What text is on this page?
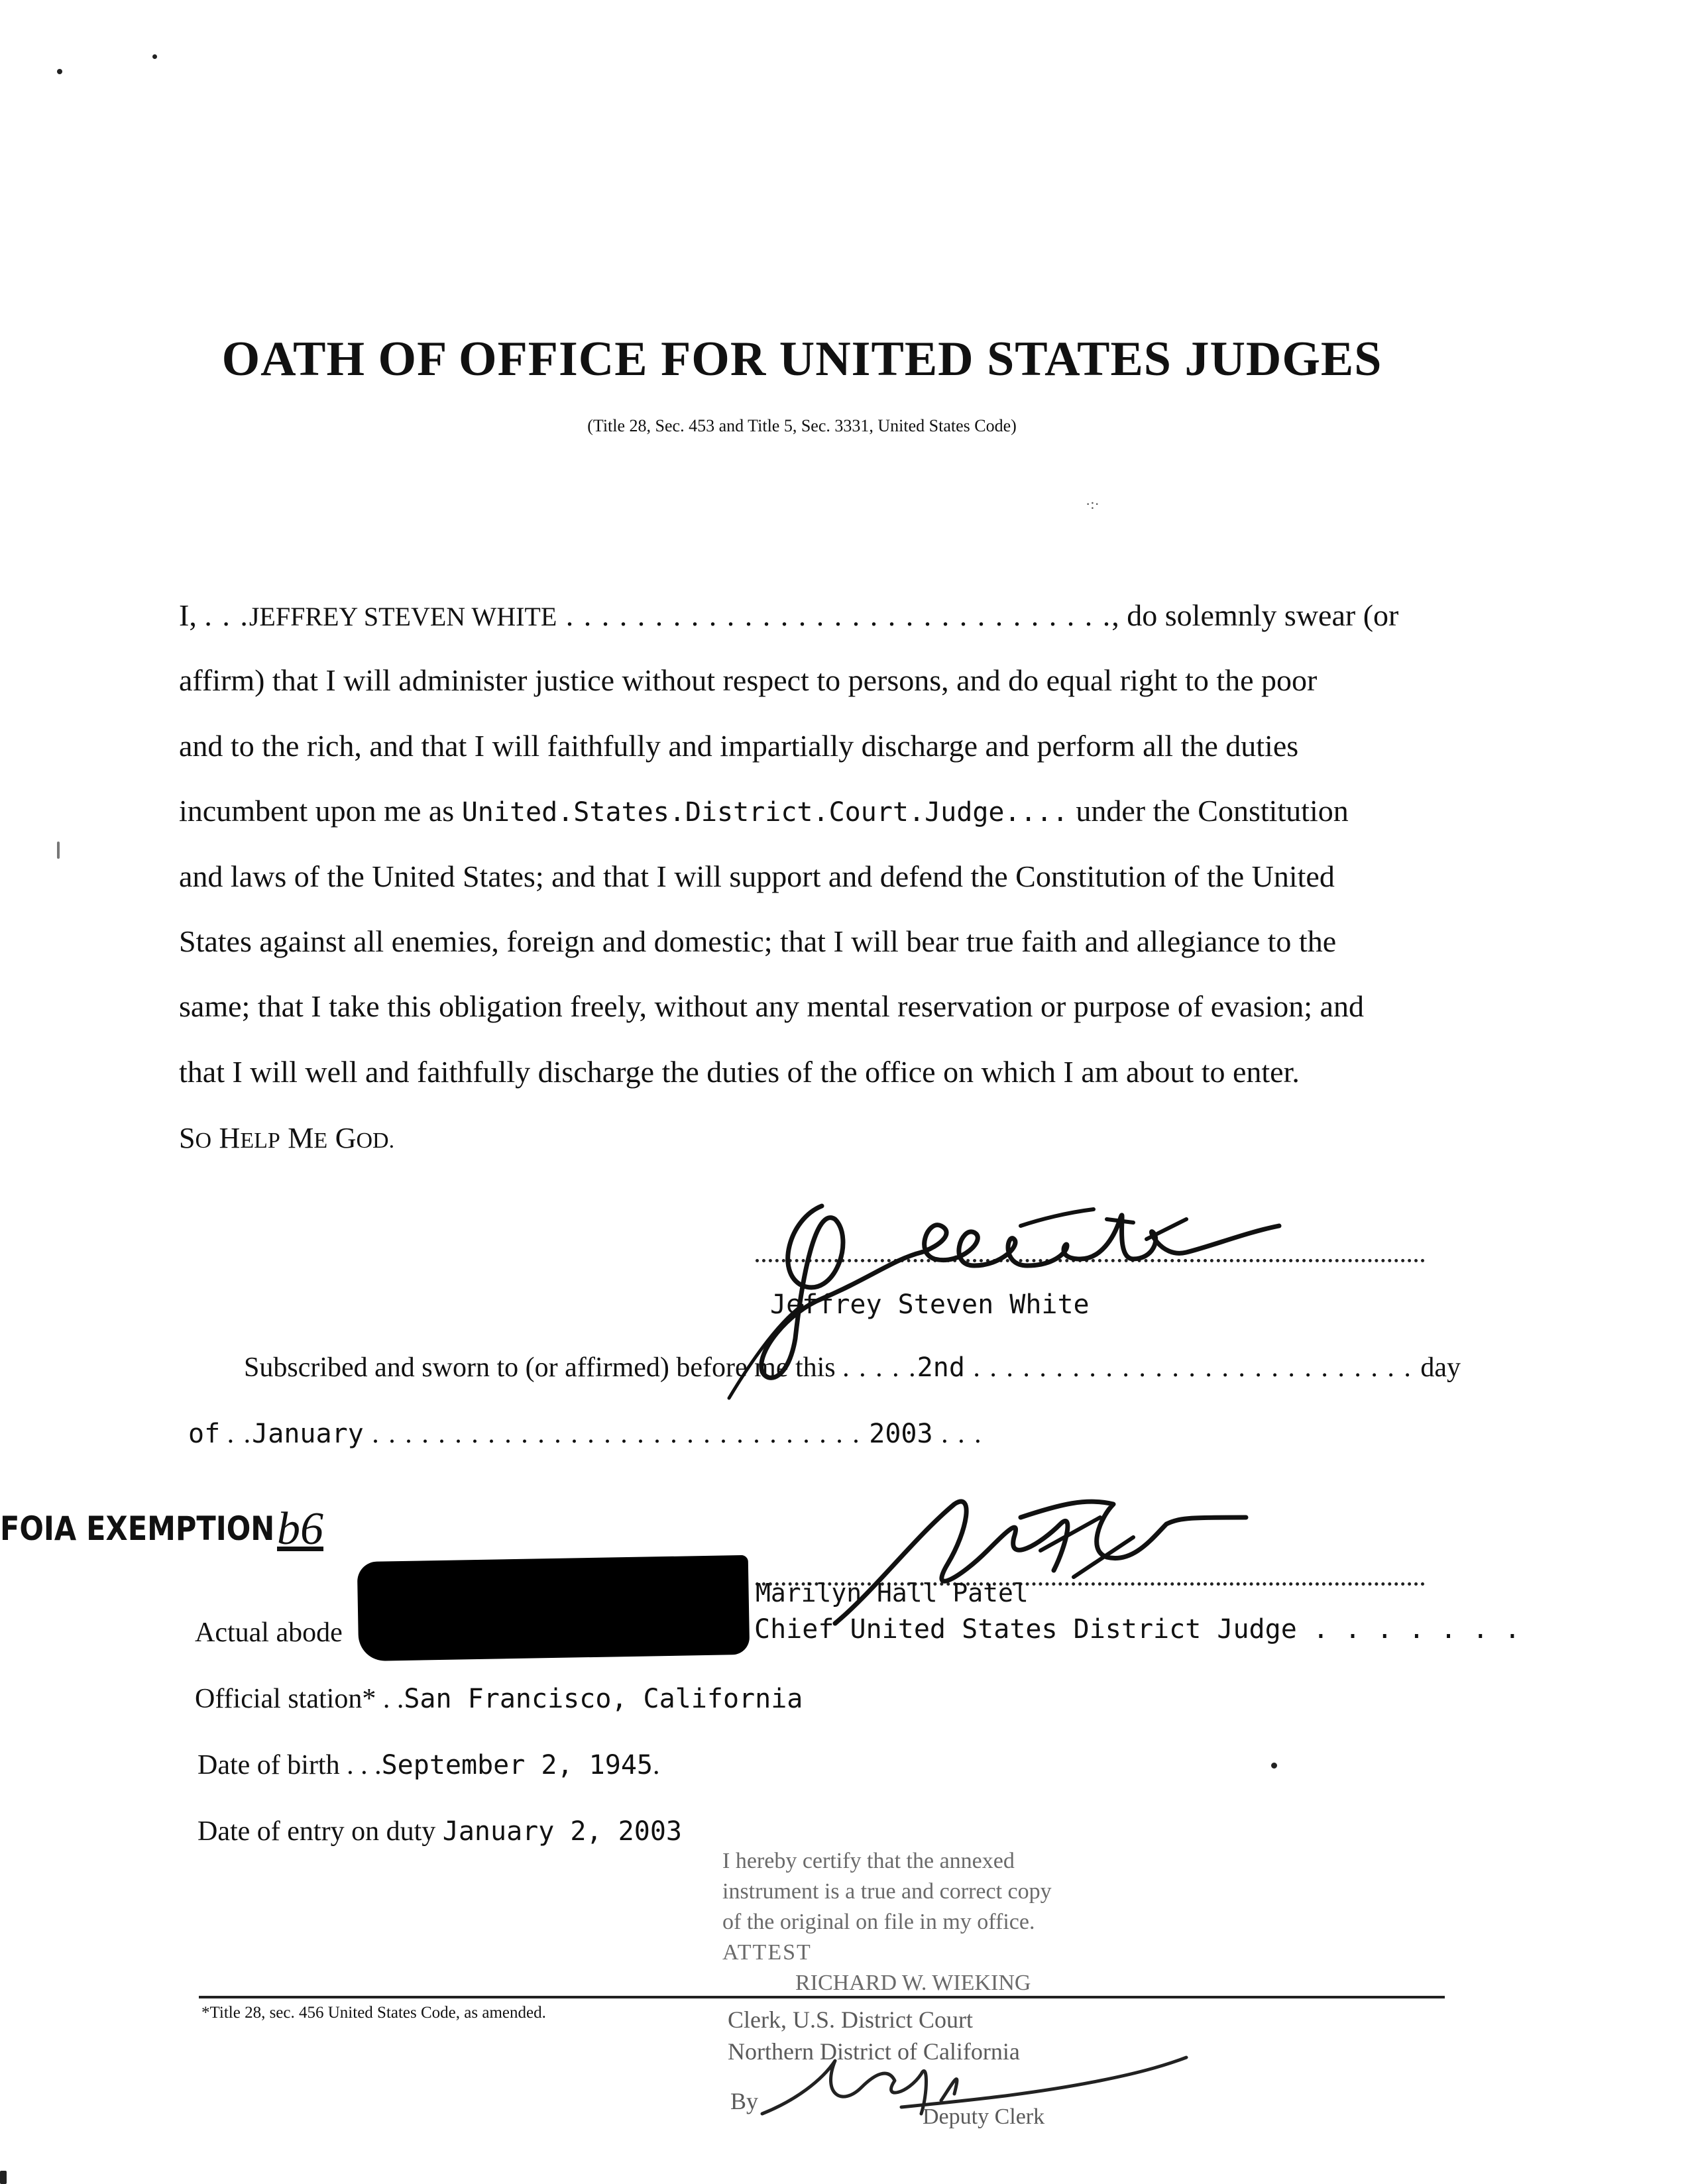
OATH OF OFFICE FOR UNITED STATES JUDGES
(Title 28, Sec. 453 and Title 5, Sec. 3331, United States Code)
·:·
I, . . .JEFFREY STEVEN WHITE . . . . . . . . . . . . . . . . . . . . . . . . . . . . . . ., do solemnly swear (or
affirm) that I will administer justice without respect to persons, and do equal right to the poor
and to the rich, and that I will faithfully and impartially discharge and perform all the duties
incumbent upon me as United.States.District.Court.Judge.... under the Constitution
and laws of the United States; and that I will support and defend the Constitution of the United
States against all enemies, foreign and domestic; that I will bear true faith and allegiance to the
same; that I take this obligation freely, without any mental reservation or purpose of evasion; and
that I will well and faithfully discharge the duties of the office on which I am about to enter.
SO HELP ME GOD.
Jeffrey Steven White
Subscribed and sworn to (or affirmed) before me this . . . . .2nd . . . . . . . . . . . . . . . . . . . . . . . . . . . day
of . .January . . . . . . . . . . . . . . . . . . . . . . . . . . . . . . 2003 . . .
FOIA EXEMPTION b6
Marilyn Hall Patel
Chief United States District Judge . . . . . . .
Actual abode
Official station* . .San Francisco, California
Date of birth . . .September 2, 1945.
Date of entry on duty January 2, 2003
I hereby certify that the annexed
instrument is a true and correct copy
of the original on file in my office.
ATTEST
RICHARD W. WIEKING
*Title 28, sec. 456 United States Code, as amended.	Clerk, U.S. District Court
Northern District of California
By
Deputy Clerk
